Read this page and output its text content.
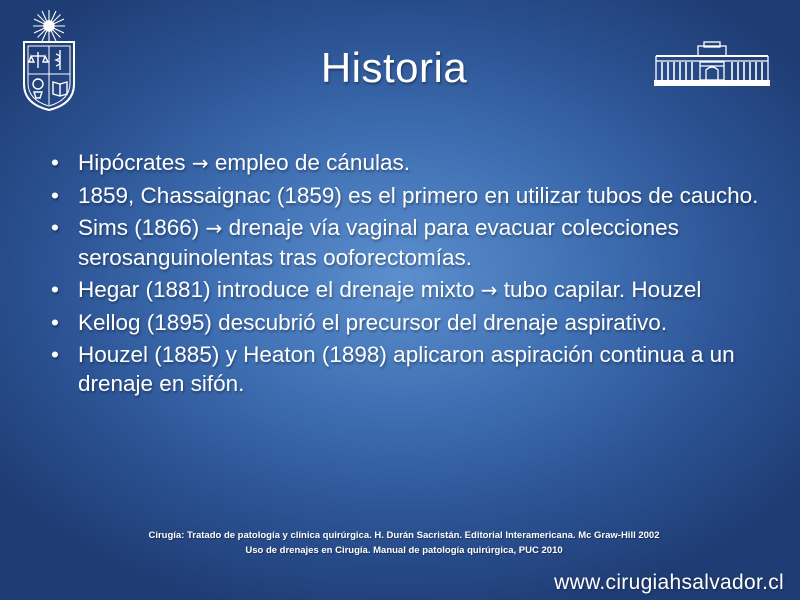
Historia
• Hipócrates → empleo de cánulas.
• 1859, Chassaignac (1859) es el primero en utilizar tubos de caucho.
• Sims (1866) → drenaje vía vaginal para evacuar colecciones serosanguinolentas tras ooforectomías.
• Hegar (1881) introduce el drenaje mixto → tubo capilar. Houzel
• Kellog (1895) descubrió el precursor del drenaje aspirativo.
• Houzel (1885) y Heaton (1898) aplicaron aspiración continua a un drenaje en sifón.
Cirugía: Tratado de patología y clínica quirúrgica. H. Durán Sacristán. Editorial Interamericana. Mc Graw-Hill 2002
Uso de drenajes en Cirugía. Manual de patología quirúrgica, PUC 2010
www.cirugiahsalvador.cl
